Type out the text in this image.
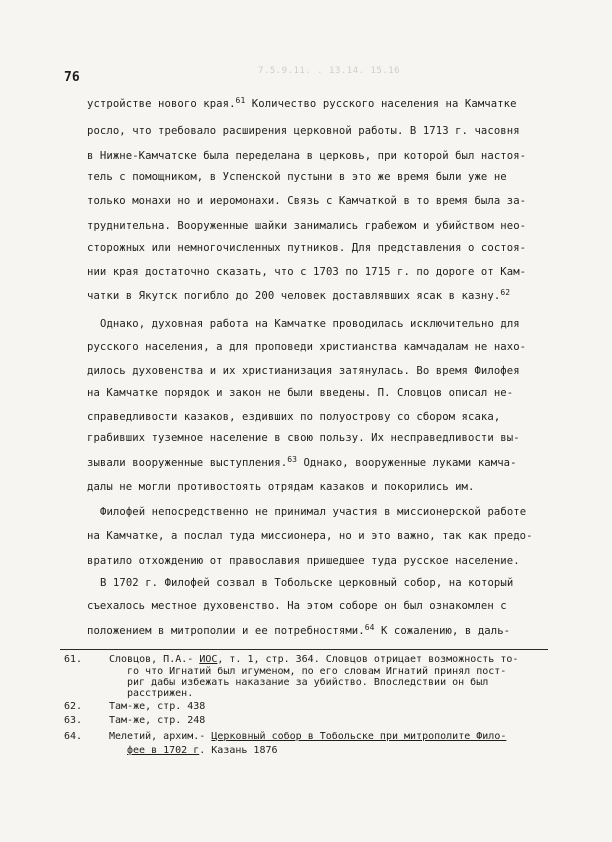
7.5.9.11. . 13.14. 15.16
76
устройстве нового края.$^{61}$ Количество русского населения на Камчатке
росло, что требовало расширения церковной работы. В 1713 г. часовня
в Нижне-Камчатске была переделана в церковь, при которой был настоя-
тель с помощником, в Успенской пустыни в это же время были уже не
только монахи но и иеромонахи. Связь с Камчаткой в то время была за-
труднительна. Вооруженные шайки занимались грабежом и убийством нео-
сторожных или немногочисленных путников. Для представления о состоя-
нии края достаточно сказать, что с 1703 по 1715 г. по дороге от Кам-
чатки в Якутск погибло до 200 человек доставлявших ясак в казну.$^{62}$
Однако, духовная работа на Камчатке проводилась исключительно для
русского населения, а для проповеди христианства камчадалам не нахо-
дилось духовенства и их христианизация затянулась. Во время Филофея
на Камчатке порядок и закон не были введены. П. Словцов описал не-
справедливости казаков, ездивших по полуострову со сбором ясака,
грабивших туземное население в свою пользу. Их несправедливости вы-
зывали вооруженные выступления.$^{63}$ Однако, вооруженные луками камча-
далы не могли противостоять отрядам казаков и покорились им.
Филофей непосредственно не принимал участия в миссионерской работе
на Камчатке, а послал туда миссионера, но и это важно, так как предо-
вратило отхождению от православия пришедшее туда русское население.
В 1702 г. Филофей созвал в Тобольске церковный собор, на который
съехалось местное духовенство. На этом соборе он был ознакомлен с
положением в митрополии и ее потребностями.$^{64}$ К сожалению, в даль-
61.	Словцов, П.А.- ИОС, т. 1, стр. 364. Словцов отрицает возможность то-
го что Игнатий был игуменом, по его словам Игнатий принял пост-
риг дабы избежать наказание за убийство. Впоследствии он был
расстрижен.
62.	Там-же, стр. 438
63.	Там-же, стр. 248
64.	Мелетий, архим.- Церковный собор в Тобольске при митрополите Фило-
фее в 1702 г. Казань 1876
